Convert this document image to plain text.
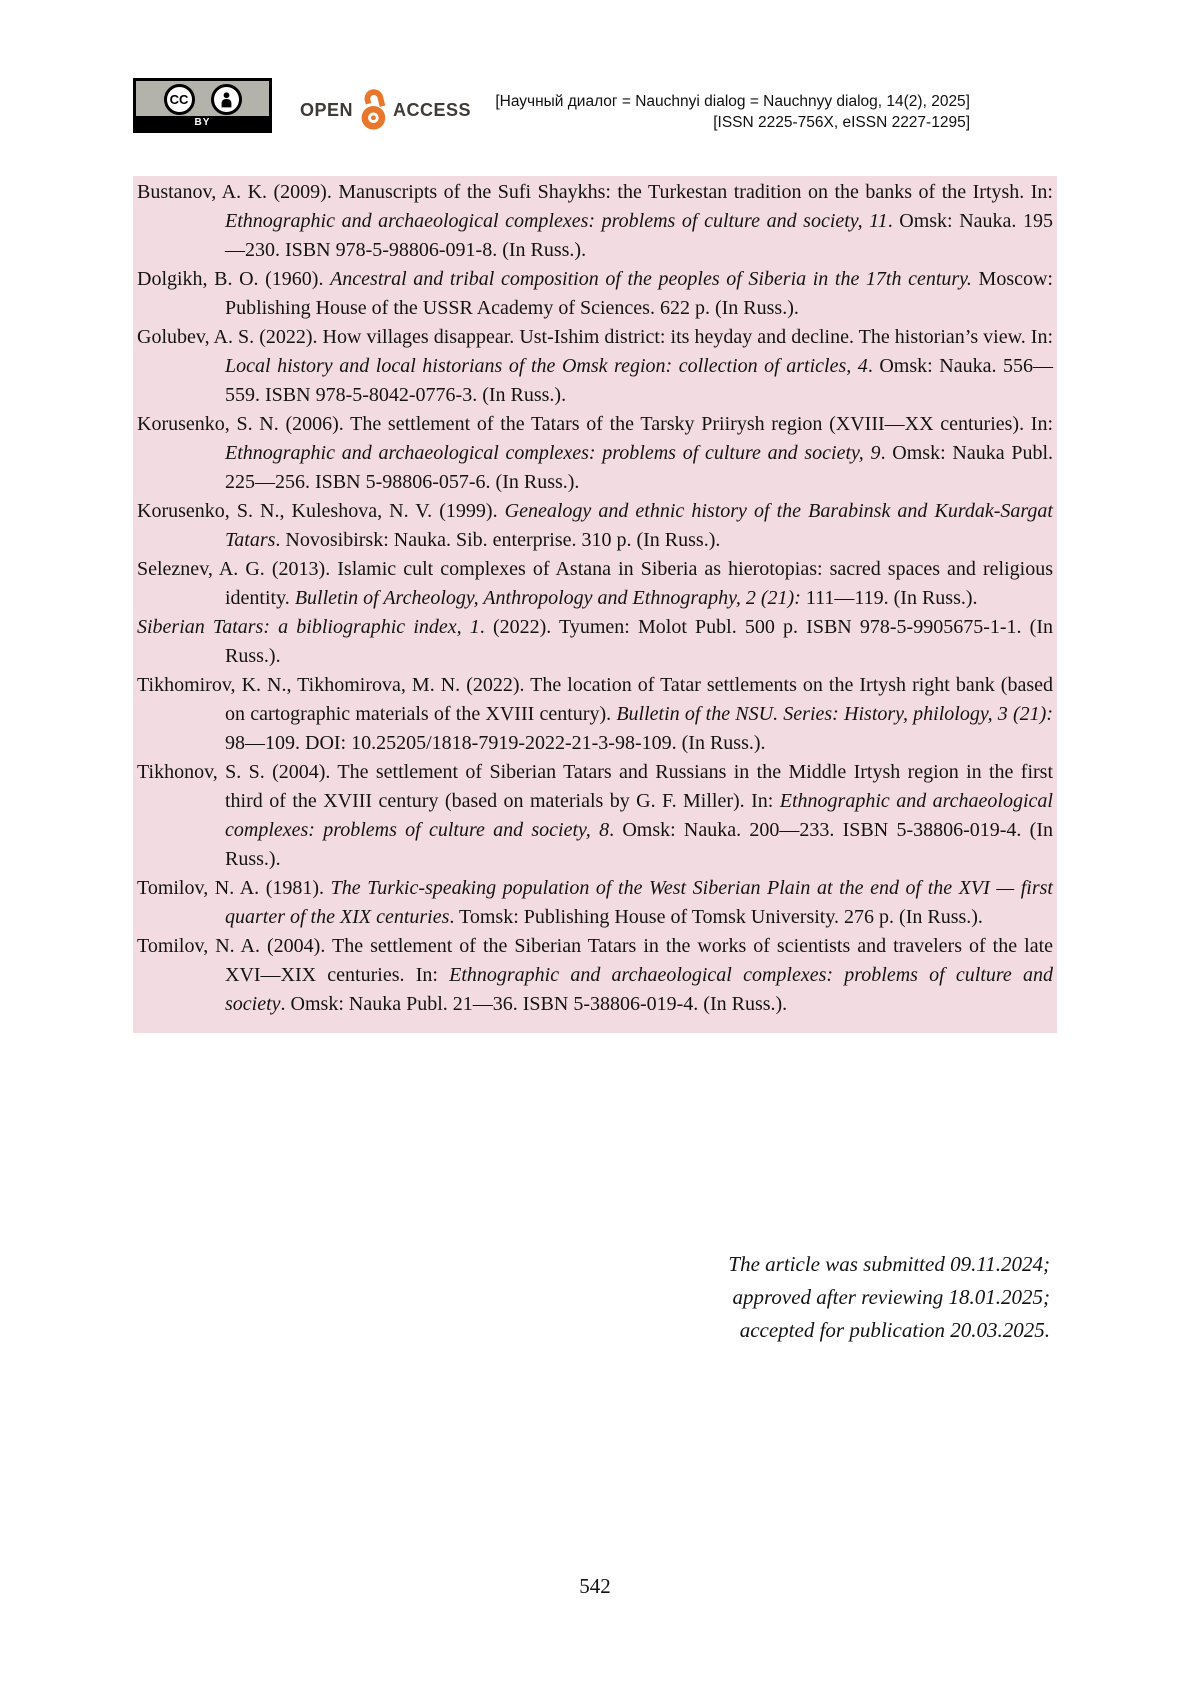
CC
BY
OPEN ACCESS [Научный диалог = Nauchnyi dialog = Nauchnyy dialog, 14(2), 2025]
[ISSN 2225-756X, eISSN 2227-1295]

Bustanov, A. K. (2009). Manuscripts of the Sufi Shaykhs: the Turkestan tradition on the banks of the Irtysh. In: Ethnographic and archaeological complexes: problems of culture and society, 11. Omsk: Nauka. 195—230. ISBN 978-5-98806-091-8. (In Russ.).

Dolgikh, B. O. (1960). Ancestral and tribal composition of the peoples of Siberia in the 17th century. Moscow: Publishing House of the USSR Academy of Sciences. 622 p. (In Russ.).

Golubev, A. S. (2022). How villages disappear. Ust-Ishim district: its heyday and decline. The historian’s view. In: Local history and local historians of the Omsk region: collection of articles, 4. Omsk: Nauka. 556—559. ISBN 978-5-8042-0776-3. (In Russ.).

Korusenko, S. N. (2006). The settlement of the Tatars of the Tarsky Priirysh region (XVIII—XX centuries). In: Ethnographic and archaeological complexes: problems of culture and society, 9. Omsk: Nauka Publ. 225—256. ISBN 5-98806-057-6. (In Russ.).

Korusenko, S. N., Kuleshova, N. V. (1999). Genealogy and ethnic history of the Barabinsk and Kurdak-Sargat Tatars. Novosibirsk: Nauka. Sib. enterprise. 310 p. (In Russ.).

Seleznev, A. G. (2013). Islamic cult complexes of Astana in Siberia as hierotopias: sacred spaces and religious identity. Bulletin of Archeology, Anthropology and Ethnography, 2 (21): 111—119. (In Russ.).

Siberian Tatars: a bibliographic index, 1. (2022). Tyumen: Molot Publ. 500 p. ISBN 978-5-9905675-1-1. (In Russ.).

Tikhomirov, K. N., Tikhomirova, M. N. (2022). The location of Tatar settlements on the Irtysh right bank (based on cartographic materials of the XVIII century). Bulletin of the NSU. Series: History, philology, 3 (21): 98—109. DOI: 10.25205/1818-7919-2022-21-3-98-109. (In Russ.).

Tikhonov, S. S. (2004). The settlement of Siberian Tatars and Russians in the Middle Irtysh region in the first third of the XVIII century (based on materials by G. F. Miller). In: Ethnographic and archaeological complexes: problems of culture and society, 8. Omsk: Nauka. 200—233. ISBN 5-38806-019-4. (In Russ.).

Tomilov, N. A. (1981). The Turkic-speaking population of the West Siberian Plain at the end of the XVI — first quarter of the XIX centuries. Tomsk: Publishing House of Tomsk University. 276 p. (In Russ.).

Tomilov, N. A. (2004). The settlement of the Siberian Tatars in the works of scientists and travelers of the late XVI—XIX centuries. In: Ethnographic and archaeological complexes: problems of culture and society. Omsk: Nauka Publ. 21—36. ISBN 5-38806-019-4. (In Russ.).

The article was submitted 09.11.2024;
approved after reviewing 18.01.2025;
accepted for publication 20.03.2025.
542
